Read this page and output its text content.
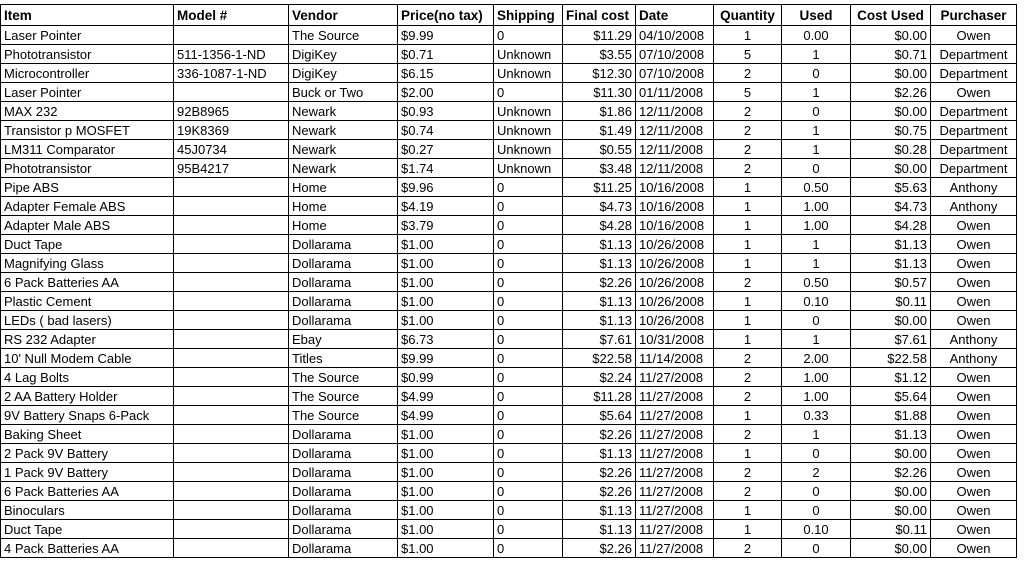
Item	Model #	Vendor	Price(no tax)	Shipping	Final cost	Date	Quantity	Used	Cost Used	Purchaser
Laser Pointer		The Source	$9.99	0	$11.29	04/10/2008	1	0.00	$0.00	Owen
Phototransistor	511-1356-1-ND	DigiKey	$0.71	Unknown	$3.55	07/10/2008	5	1	$0.71	Department
Microcontroller	336-1087-1-ND	DigiKey	$6.15	Unknown	$12.30	07/10/2008	2	0	$0.00	Department
Laser Pointer		Buck or Two	$2.00	0	$11.30	01/11/2008	5	1	$2.26	Owen
MAX 232	92B8965	Newark	$0.93	Unknown	$1.86	12/11/2008	2	0	$0.00	Department
Transistor p MOSFET	19K8369	Newark	$0.74	Unknown	$1.49	12/11/2008	2	1	$0.75	Department
LM311 Comparator	45J0734	Newark	$0.27	Unknown	$0.55	12/11/2008	2	1	$0.28	Department
Phototransistor	95B4217	Newark	$1.74	Unknown	$3.48	12/11/2008	2	0	$0.00	Department
Pipe ABS		Home	$9.96	0	$11.25	10/16/2008	1	0.50	$5.63	Anthony
Adapter Female ABS		Home	$4.19	0	$4.73	10/16/2008	1	1.00	$4.73	Anthony
Adapter Male ABS		Home	$3.79	0	$4.28	10/16/2008	1	1.00	$4.28	Owen
Duct Tape		Dollarama	$1.00	0	$1.13	10/26/2008	1	1	$1.13	Owen
Magnifying Glass		Dollarama	$1.00	0	$1.13	10/26/2008	1	1	$1.13	Owen
6 Pack Batteries AA		Dollarama	$1.00	0	$2.26	10/26/2008	2	0.50	$0.57	Owen
Plastic Cement		Dollarama	$1.00	0	$1.13	10/26/2008	1	0.10	$0.11	Owen
LEDs ( bad lasers)		Dollarama	$1.00	0	$1.13	10/26/2008	1	0	$0.00	Owen
RS 232 Adapter		Ebay	$6.73	0	$7.61	10/31/2008	1	1	$7.61	Anthony
10' Null Modem Cable		Titles	$9.99	0	$22.58	11/14/2008	2	2.00	$22.58	Anthony
4 Lag Bolts		The Source	$0.99	0	$2.24	11/27/2008	2	1.00	$1.12	Owen
2 AA Battery Holder		The Source	$4.99	0	$11.28	11/27/2008	2	1.00	$5.64	Owen
9V Battery Snaps 6-Pack		The Source	$4.99	0	$5.64	11/27/2008	1	0.33	$1.88	Owen
Baking Sheet		Dollarama	$1.00	0	$2.26	11/27/2008	2	1	$1.13	Owen
2 Pack 9V Battery		Dollarama	$1.00	0	$1.13	11/27/2008	1	0	$0.00	Owen
1 Pack 9V Battery		Dollarama	$1.00	0	$2.26	11/27/2008	2	2	$2.26	Owen
6 Pack Batteries AA		Dollarama	$1.00	0	$2.26	11/27/2008	2	0	$0.00	Owen
Binoculars		Dollarama	$1.00	0	$1.13	11/27/2008	1	0	$0.00	Owen
Duct Tape		Dollarama	$1.00	0	$1.13	11/27/2008	1	0.10	$0.11	Owen
4 Pack Batteries AA		Dollarama	$1.00	0	$2.26	11/27/2008	2	0	$0.00	Owen
